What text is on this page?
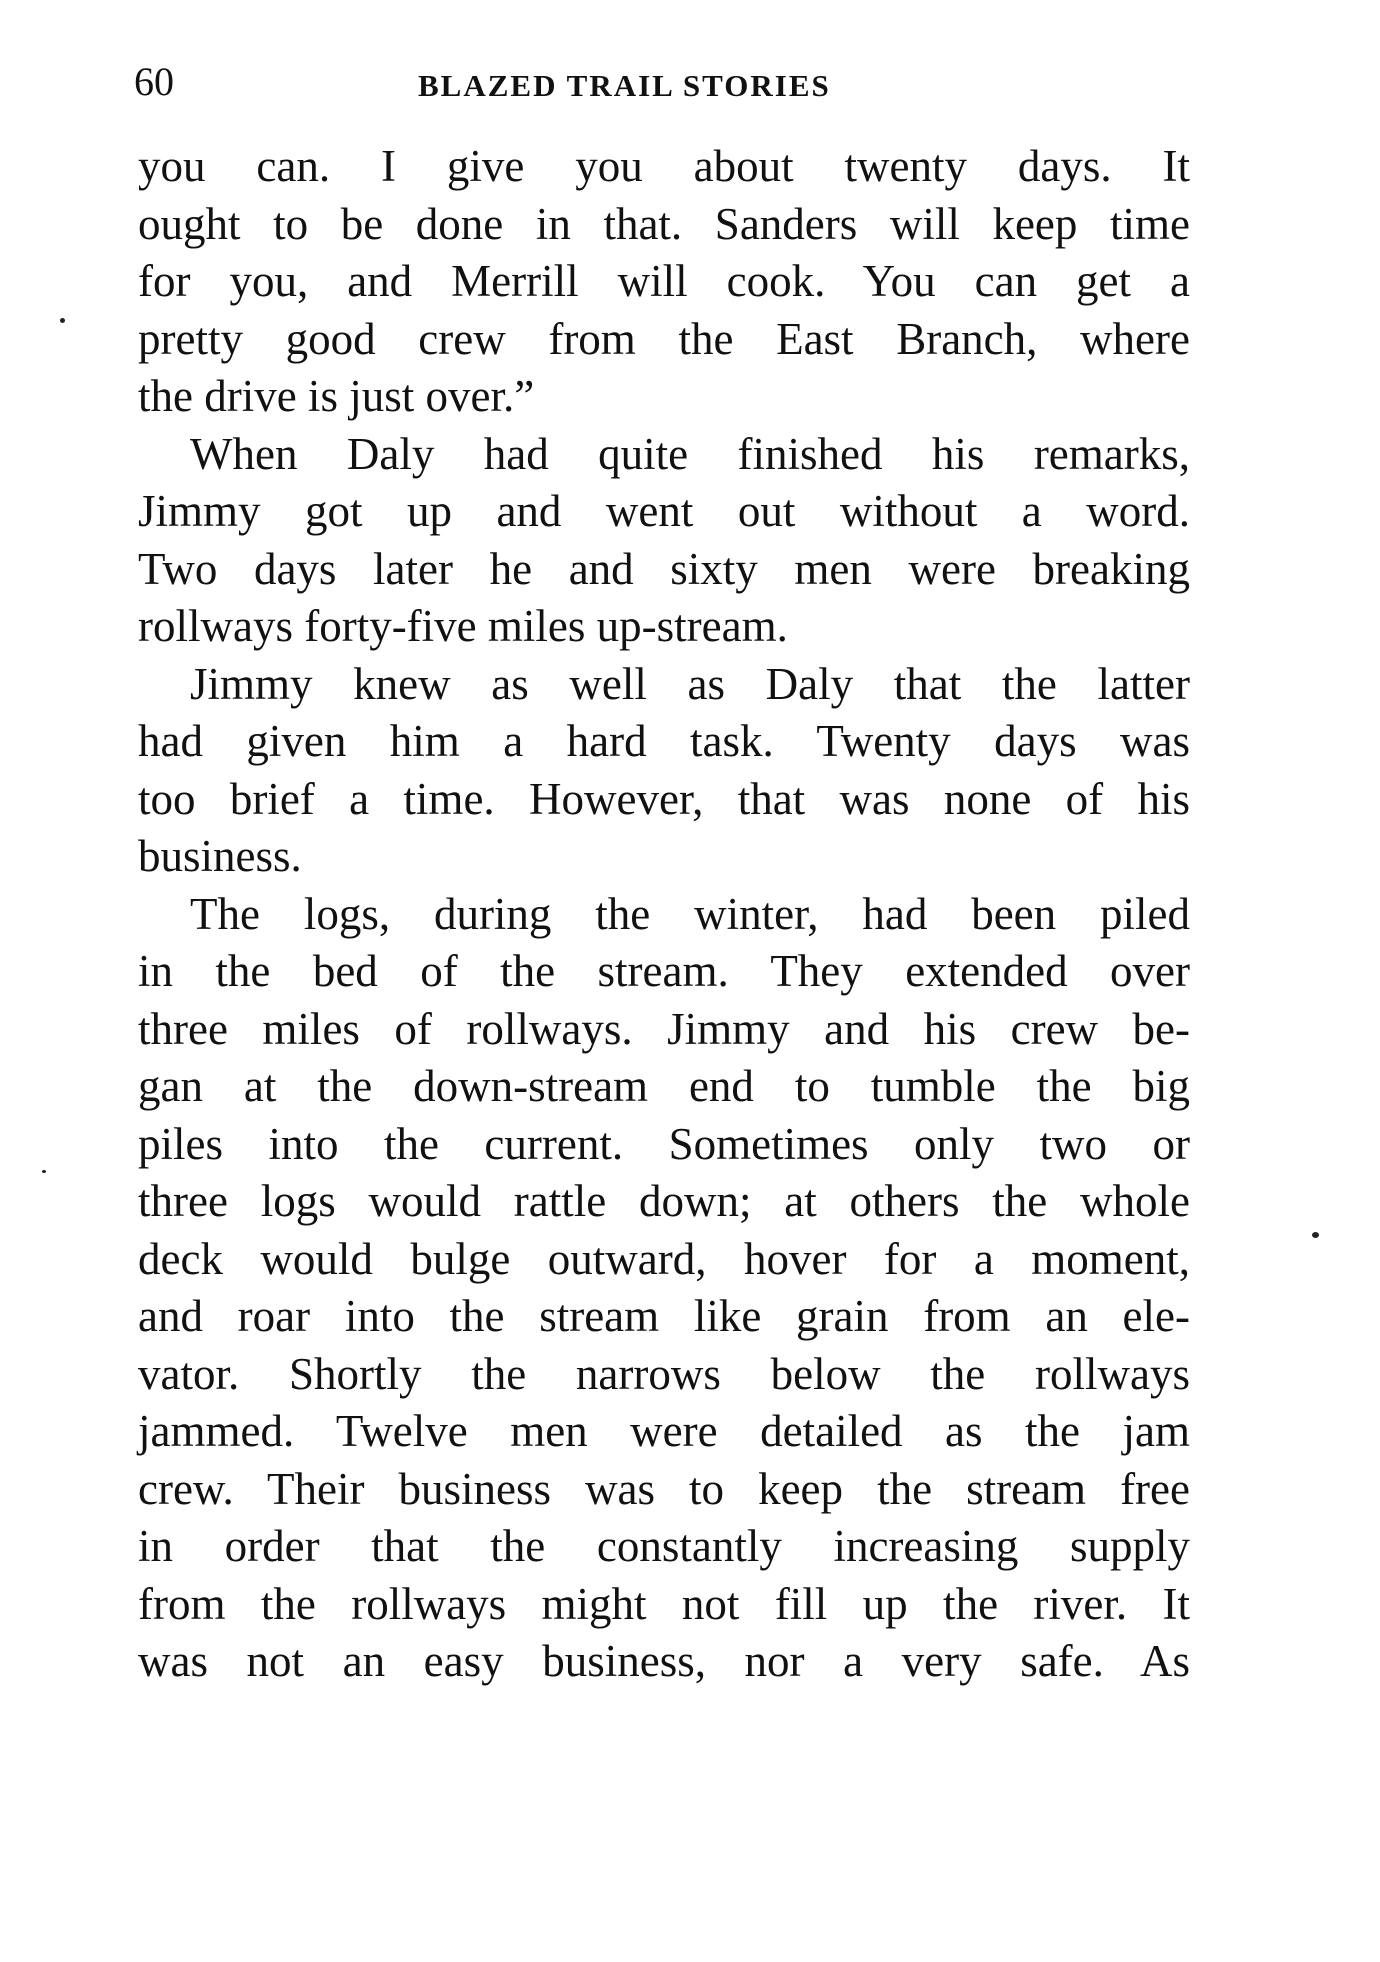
60	BLAZED TRAIL STORIES
you can. I give you about twenty days. It
ought to be done in that. Sanders will keep time
for you, and Merrill will cook. You can get a
pretty good crew from the East Branch, where
the drive is just over.”
When Daly had quite finished his remarks,
Jimmy got up and went out without a word.
Two days later he and sixty men were breaking
rollways forty-five miles up-stream.
Jimmy knew as well as Daly that the latter
had given him a hard task. Twenty days was
too brief a time. However, that was none of his
business.
The logs, during the winter, had been piled
in the bed of the stream. They extended over
three miles of rollways. Jimmy and his crew be-
gan at the down-stream end to tumble the big
piles into the current. Sometimes only two or
three logs would rattle down; at others the whole
deck would bulge outward, hover for a moment,
and roar into the stream like grain from an ele-
vator. Shortly the narrows below the rollways
jammed. Twelve men were detailed as the jam
crew. Their business was to keep the stream free
in order that the constantly increasing supply
from the rollways might not fill up the river. It
was not an easy business, nor a very safe. As
